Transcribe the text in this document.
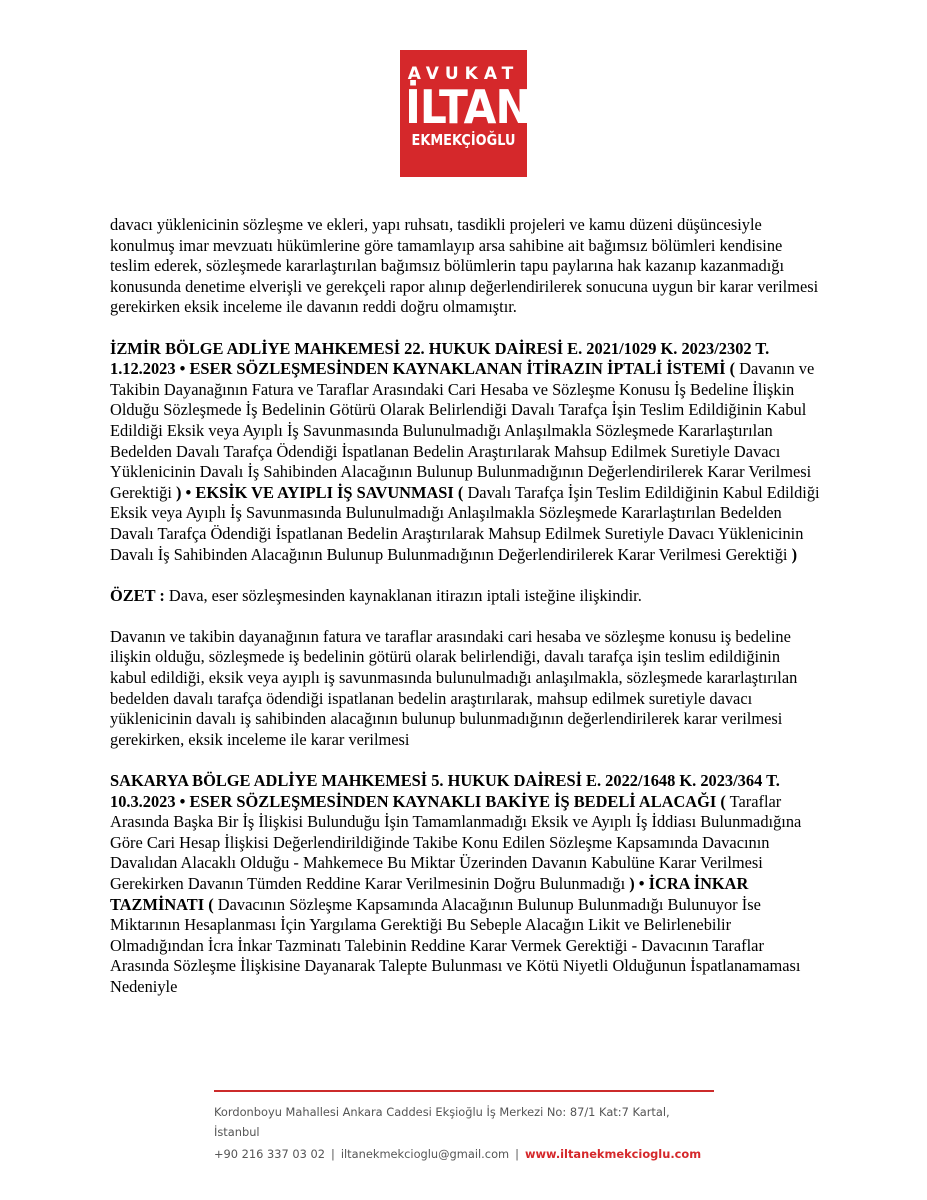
AVUKAT
İLTAN
EKMEKÇİOĞLU

davacı yüklenicinin sözleşme ve ekleri, yapı ruhsatı, tasdikli projeleri ve kamu düzeni düşüncesiyle konulmuş imar mevzuatı hükümlerine göre tamamlayıp arsa sahibine ait bağımsız bölümleri kendisine teslim ederek, sözleşmede kararlaştırılan bağımsız bölümlerin tapu paylarına hak kazanıp kazanmadığı konusunda denetime elverişli ve gerekçeli rapor alınıp değerlendirilerek sonucuna uygun bir karar verilmesi gerekirken eksik inceleme ile davanın reddi doğru olmamıştır.

İZMİR BÖLGE ADLİYE MAHKEMESİ 22. HUKUK DAİRESİ E. 2021/1029 K. 2023/2302 T. 1.12.2023 • ESER SÖZLEŞMESİNDEN KAYNAKLANAN İTİRAZIN İPTALİ İSTEMİ ( Davanın ve Takibin Dayanağının Fatura ve Taraflar Arasındaki Cari Hesaba ve Sözleşme Konusu İş Bedeline İlişkin Olduğu Sözleşmede İş Bedelinin Götürü Olarak Belirlendiği Davalı Tarafça İşin Teslim Edildiğinin Kabul Edildiği Eksik veya Ayıplı İş Savunmasında Bulunulmadığı Anlaşılmakla Sözleşmede Kararlaştırılan Bedelden Davalı Tarafça Ödendiği İspatlanan Bedelin Araştırılarak Mahsup Edilmek Suretiyle Davacı Yüklenicinin Davalı İş Sahibinden Alacağının Bulunup Bulunmadığının Değerlendirilerek Karar Verilmesi Gerektiği ) • EKSİK VE AYIPLI İŞ SAVUNMASI ( Davalı Tarafça İşin Teslim Edildiğinin Kabul Edildiği Eksik veya Ayıplı İş Savunmasında Bulunulmadığı Anlaşılmakla Sözleşmede Kararlaştırılan Bedelden Davalı Tarafça Ödendiği İspatlanan Bedelin Araştırılarak Mahsup Edilmek Suretiyle Davacı Yüklenicinin Davalı İş Sahibinden Alacağının Bulunup Bulunmadığının Değerlendirilerek Karar Verilmesi Gerektiği )

ÖZET : Dava, eser sözleşmesinden kaynaklanan itirazın iptali isteğine ilişkindir.

Davanın ve takibin dayanağının fatura ve taraflar arasındaki cari hesaba ve sözleşme konusu iş bedeline ilişkin olduğu, sözleşmede iş bedelinin götürü olarak belirlendiği, davalı tarafça işin teslim edildiğinin kabul edildiği, eksik veya ayıplı iş savunmasında bulunulmadığı anlaşılmakla, sözleşmede kararlaştırılan bedelden davalı tarafça ödendiği ispatlanan bedelin araştırılarak, mahsup edilmek suretiyle davacı yüklenicinin davalı iş sahibinden alacağının bulunup bulunmadığının değerlendirilerek karar verilmesi gerekirken, eksik inceleme ile karar verilmesi

SAKARYA BÖLGE ADLİYE MAHKEMESİ 5. HUKUK DAİRESİ E. 2022/1648 K. 2023/364 T. 10.3.2023 • ESER SÖZLEŞMESİNDEN KAYNAKLI BAKİYE İŞ BEDELİ ALACAĞI ( Taraflar Arasında Başka Bir İş İlişkisi Bulunduğu İşin Tamamlanmadığı Eksik ve Ayıplı İş İddiası Bulunmadığına Göre Cari Hesap İlişkisi Değerlendirildiğinde Takibe Konu Edilen Sözleşme Kapsamında Davacının Davalıdan Alacaklı Olduğu - Mahkemece Bu Miktar Üzerinden Davanın Kabulüne Karar Verilmesi Gerekirken Davanın Tümden Reddine Karar Verilmesinin Doğru Bulunmadığı ) • İCRA İNKAR TAZMİNATI ( Davacının Sözleşme Kapsamında Alacağının Bulunup Bulunmadığı Bulunuyor İse Miktarının Hesaplanması İçin Yargılama Gerektiği Bu Sebeple Alacağın Likit ve Belirlenebilir Olmadığından İcra İnkar Tazminatı Talebinin Reddine Karar Vermek Gerektiği - Davacının Taraflar Arasında Sözleşme İlişkisine Dayanarak Talepte Bulunması ve Kötü Niyetli Olduğunun İspatlanamaması Nedeniyle

Kordonboyu Mahallesi Ankara Caddesi Ekşioğlu İş Merkezi No: 87/1 Kat:7 Kartal, İstanbul
+90 216 337 03 02 | iltanekmekcioglu@gmail.com | www.iltanekmekcioglu.com
